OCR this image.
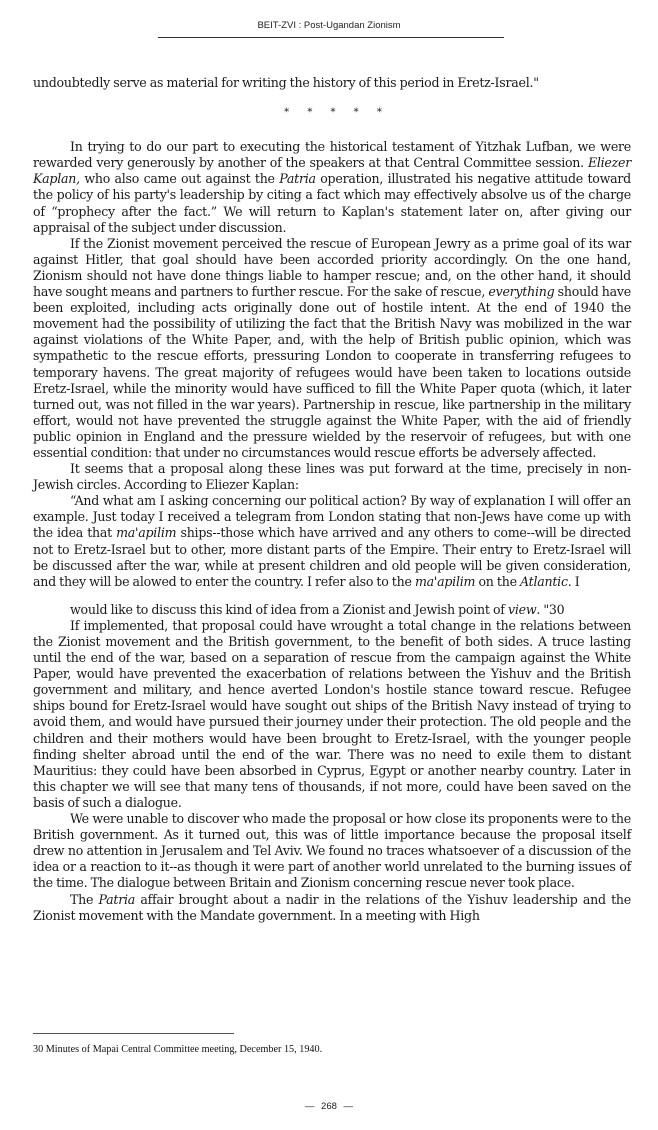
BEIT-ZVI : Post-Ugandan Zionism

undoubtedly serve as material for writing the history of this period in Eretz-Israel."

* * * * *

In trying to do our part to executing the historical testament of Yitzhak Lufban, we were rewarded very generously by another of the speakers at that Central Committee session. Eliezer Kaplan, who also came out against the Patria operation, illustrated his negative attitude toward the policy of his party's leadership by citing a fact which may effectively absolve us of the charge of “prophecy after the fact.” We will return to Kaplan's statement later on, after giving our appraisal of the subject under discussion.

If the Zionist movement perceived the rescue of European Jewry as a prime goal of its war against Hitler, that goal should have been accorded priority accordingly. On the one hand, Zionism should not have done things liable to hamper rescue; and, on the other hand, it should have sought means and partners to further rescue. For the sake of rescue, everything should have been exploited, including acts originally done out of hostile intent. At the end of 1940 the movement had the possibility of utilizing the fact that the British Navy was mobilized in the war against violations of the White Paper, and, with the help of British public opinion, which was sympathetic to the rescue efforts, pressuring London to cooperate in transferring refugees to temporary havens. The great majority of refugees would have been taken to locations outside Eretz-Israel, while the minority would have sufficed to fill the White Paper quota (which, it later turned out, was not filled in the war years). Partnership in rescue, like partnership in the military effort, would not have prevented the struggle against the White Paper, with the aid of friendly public opinion in England and the pressure wielded by the reservoir of refugees, but with one essential condition: that under no circumstances would rescue efforts be adversely affected.

It seems that a proposal along these lines was put forward at the time, precisely in non-Jewish circles. According to Eliezer Kaplan:

“And what am I asking concerning our political action? By way of explanation I will offer an example. Just today I received a telegram from London stating that non-Jews have come up with the idea that ma'apilim ships--those which have arrived and any others to come--will be directed not to Eretz-Israel but to other, more distant parts of the Empire. Their entry to Eretz-Israel will be discussed after the war, while at present children and old people will be given consideration, and they will be alowed to enter the country. I refer also to the ma'apilim on the Atlantic. I

would like to discuss this kind of idea from a Zionist and Jewish point of view. "30

If implemented, that proposal could have wrought a total change in the relations between the Zionist movement and the British government, to the benefit of both sides. A truce lasting until the end of the war, based on a separation of rescue from the campaign against the White Paper, would have prevented the exacerbation of relations between the Yishuv and the British government and military, and hence averted London's hostile stance toward rescue. Refugee ships bound for Eretz-Israel would have sought out ships of the British Navy instead of trying to avoid them, and would have pursued their journey under their protection. The old people and the children and their mothers would have been brought to Eretz-Israel, with the younger people finding shelter abroad until the end of the war. There was no need to exile them to distant Mauritius: they could have been absorbed in Cyprus, Egypt or another nearby country. Later in this chapter we will see that many tens of thousands, if not more, could have been saved on the basis of such a dialogue.

We were unable to discover who made the proposal or how close its proponents were to the British government. As it turned out, this was of little importance because the proposal itself drew no attention in Jerusalem and Tel Aviv. We found no traces whatsoever of a discussion of the idea or a reaction to it--as though it were part of another world unrelated to the burning issues of the time. The dialogue between Britain and Zionism concerning rescue never took place.

The Patria affair brought about a nadir in the relations of the Yishuv leadership and the Zionist movement with the Mandate government. In a meeting with High

30 Minutes of Mapai Central Committee meeting, December 15, 1940.
— 268 —
